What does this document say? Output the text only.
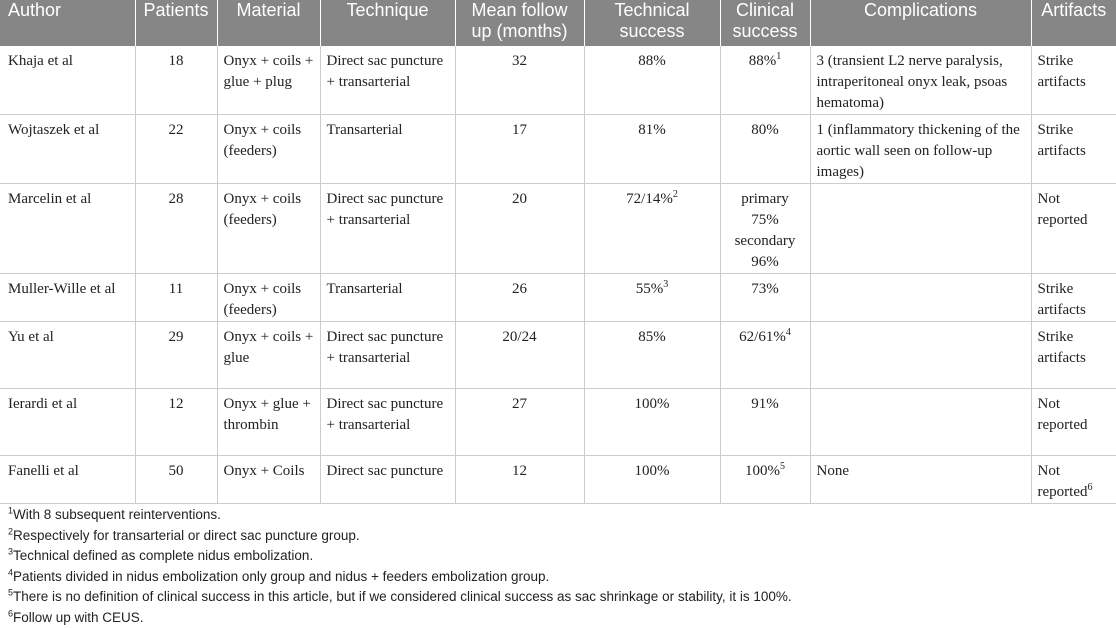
Author	Patients	Material	Technique	Mean follow up (months)	Technical success	Clinical success	Complications	Artifacts
Khaja et al	18	Onyx + coils + glue + plug	Direct sac puncture + transarterial	32	88%	88%$^1$	3 (transient L2 nerve paralysis, intraperitoneal onyx leak, psoas hematoma)	Strike artifacts
Wojtaszek et al	22	Onyx + coils (feeders)	Transarterial	17	81%	80%	1 (inflammatory thickening of the aortic wall seen on follow-up images)	Strike artifacts
Marcelin et al	28	Onyx + coils (feeders)	Direct sac puncture + transarterial	20	72/14%$^2$	primary 75% secondary 96%		Not reported
Muller-Wille et al	11	Onyx + coils (feeders)	Transarterial	26	55%$^3$	73%		Strike artifacts
Yu et al	29	Onyx + coils + glue	Direct sac puncture + transarterial	20/24	85%	62/61%$^4$		Strike artifacts
Ierardi et al	12	Onyx + glue + thrombin	Direct sac puncture + transarterial	27	100%	91%		Not reported
Fanelli et al	50	Onyx + Coils	Direct sac puncture	12	100%	100%$^5$	None	Not reported$^6$
$^1$With 8 subsequent reinterventions.
$^2$Respectively for transarterial or direct sac puncture group.
$^3$Technical defined as complete nidus embolization.
$^4$Patients divided in nidus embolization only group and nidus + feeders embolization group.
$^5$There is no definition of clinical success in this article, but if we considered clinical success as sac shrinkage or stability, it is 100%.
$^6$Follow up with CEUS.
